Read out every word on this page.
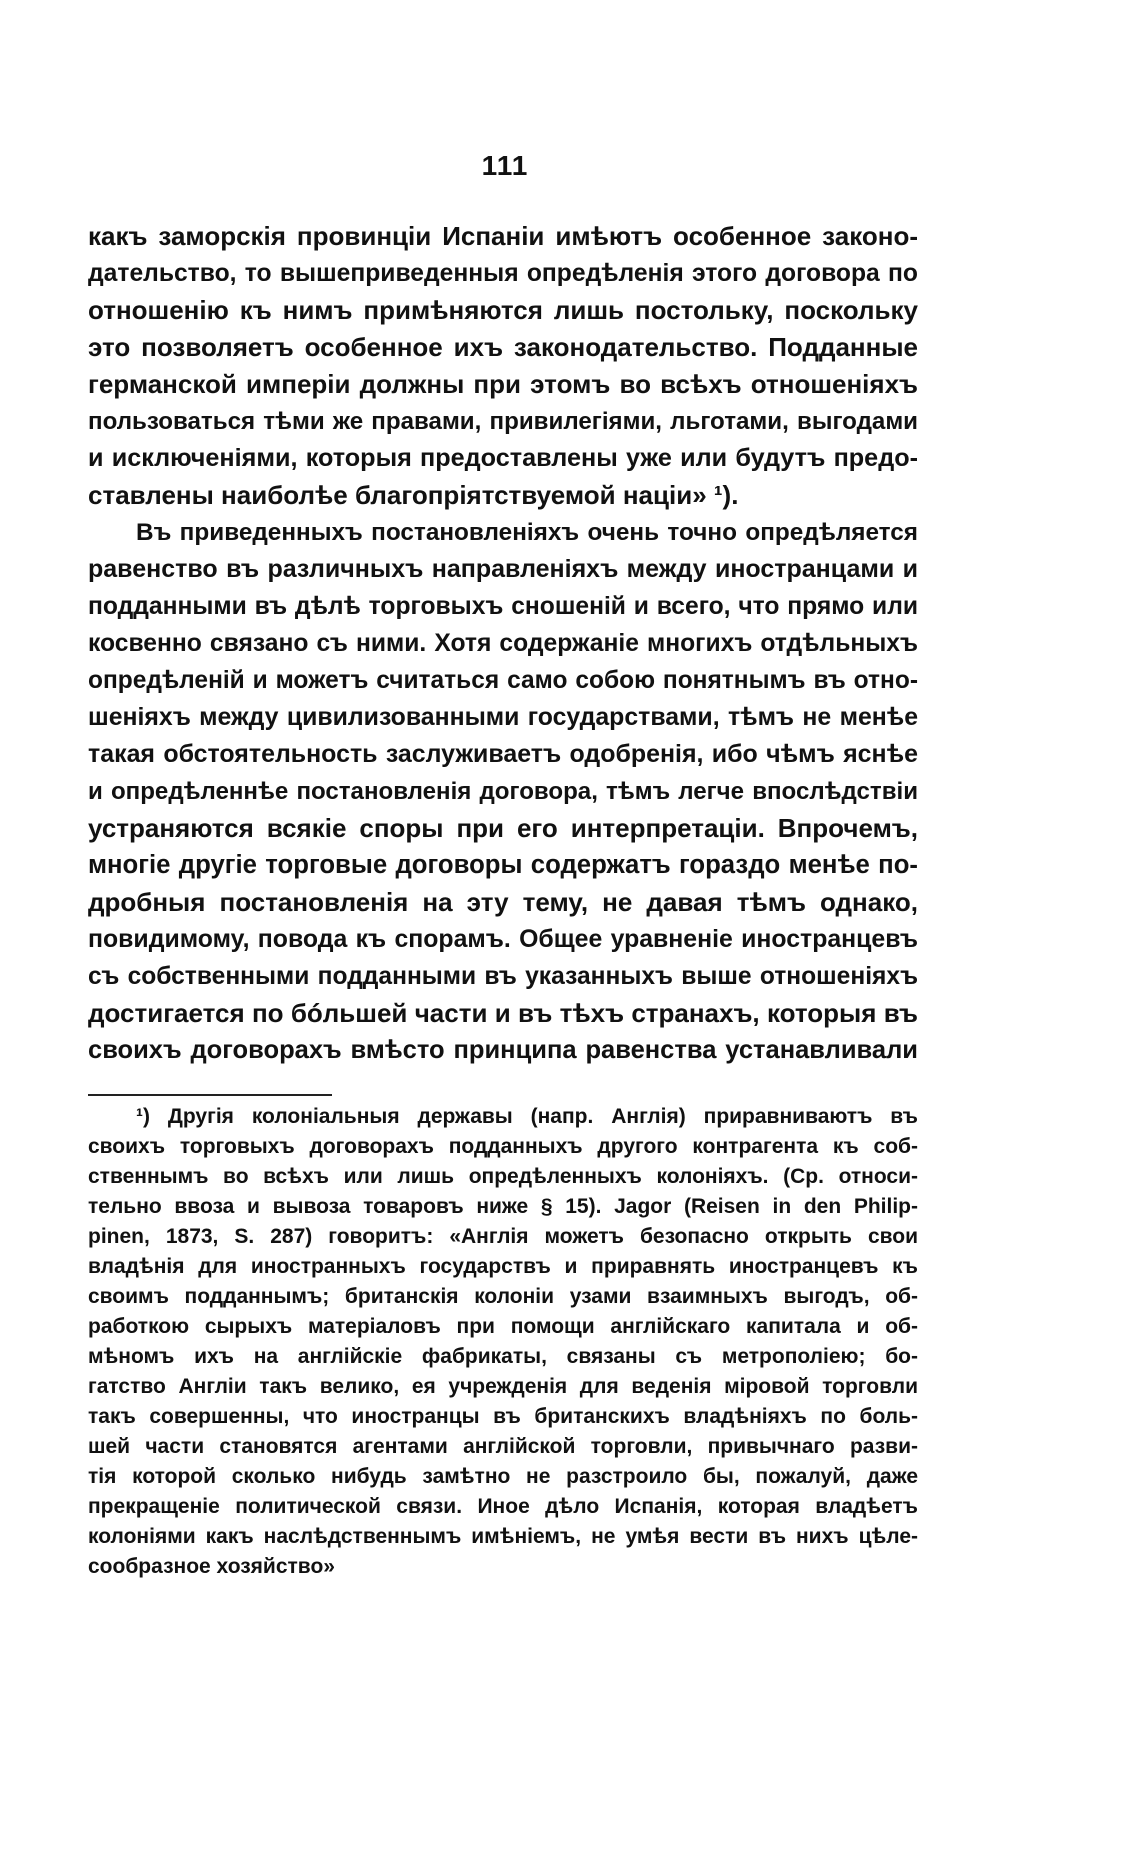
111
какъ заморскія провинціи Испаніи имѣютъ особенное законо-
дательство, то вышеприведенныя опредѣленія этого договора по
отношенію къ нимъ примѣняются лишь постольку, поскольку
это позволяетъ особенное ихъ законодательство. Подданные
германской имперіи должны при этомъ во всѣхъ отношеніяхъ
пользоваться тѣми же правами, привилегіями, льготами, выгодами
и исключеніями, которыя предоставлены уже или будутъ предо-
ставлены наиболѣе благопріятствуемой націи» ¹).
Въ приведенныхъ постановленіяхъ очень точно опредѣляется
равенство въ различныхъ направленіяхъ между иностранцами и
подданными въ дѣлѣ торговыхъ сношеній и всего, что прямо или
косвенно связано съ ними. Хотя содержаніе многихъ отдѣльныхъ
опредѣленій и можетъ считаться само собою понятнымъ въ отно-
шеніяхъ между цивилизованными государствами, тѣмъ не менѣе
такая обстоятельность заслуживаетъ одобренія, ибо чѣмъ яснѣе
и опредѣленнѣе постановленія договора, тѣмъ легче впослѣдствіи
устраняются всякіе споры при его интерпретаціи. Впрочемъ,
многіе другіе торговые договоры содержатъ гораздо менѣе по-
дробныя постановленія на эту тему, не давая тѣмъ однако,
повидимому, повода къ спорамъ. Общее уравненіе иностранцевъ
съ собственными подданными въ указанныхъ выше отношеніяхъ
достигается по бóльшей части и въ тѣхъ странахъ, которыя въ
своихъ договорахъ вмѣсто принципа равенства устанавливали
¹) Другія колоніальныя державы (напр. Англія) приравниваютъ въ
своихъ торговыхъ договорахъ подданныхъ другого контрагента къ соб-
ственнымъ во всѣхъ или лишь опредѣленныхъ колоніяхъ. (Ср. относи-
тельно ввоза и вывоза товаровъ ниже § 15). Jagor (Reisen in den Philip-
pinen, 1873, S. 287) говоритъ: «Англія можетъ безопасно открыть свои
владѣнія для иностранныхъ государствъ и приравнять иностранцевъ къ
своимъ подданнымъ; британскія колоніи узами взаимныхъ выгодъ, об-
работкою сырыхъ матеріаловъ при помощи англійскаго капитала и об-
мѣномъ ихъ на англійскіе фабрикаты, связаны съ метрополіею; бо-
гатство Англіи такъ велико, ея учрежденія для веденія міровой торговли
такъ совершенны, что иностранцы въ британскихъ владѣніяхъ по боль-
шей части становятся агентами англійской торговли, привычнаго разви-
тія которой сколько нибудь замѣтно не разстроило бы, пожалуй, даже
прекращеніе политической связи. Иное дѣло Испанія, которая владѣетъ
колоніями какъ наслѣдственнымъ имѣніемъ, не умѣя вести въ нихъ цѣле-
сообразное хозяйство»
